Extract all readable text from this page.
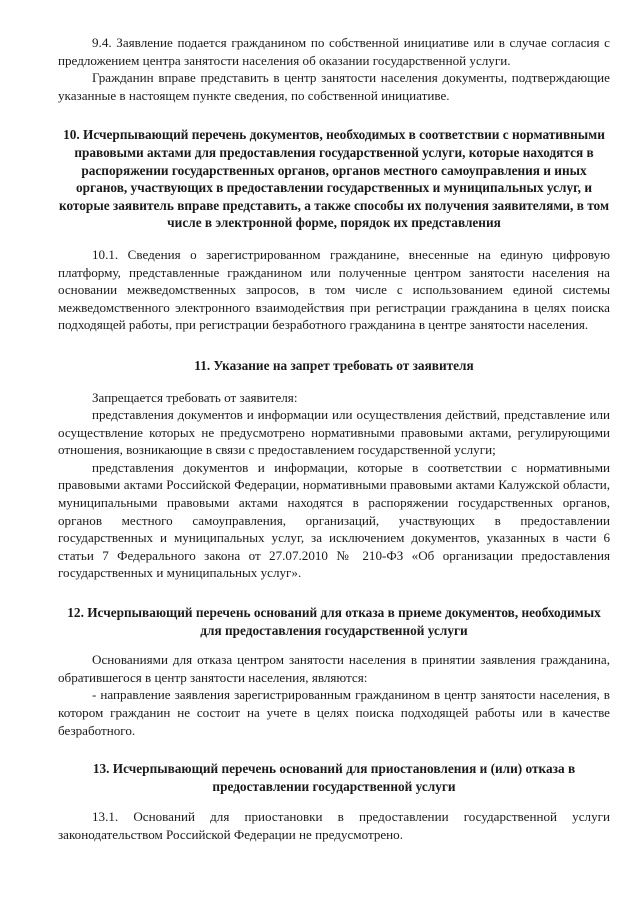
9.4. Заявление подается гражданином по собственной инициативе или в случае согласия с предложением центра занятости населения об оказании государственной услуги.

Гражданин вправе представить в центр занятости населения документы, подтверждающие указанные в настоящем пункте сведения, по собственной инициативе.

10. Исчерпывающий перечень документов, необходимых в соответствии с нормативными правовыми актами для предоставления государственной услуги, которые находятся в распоряжении государственных органов, органов местного самоуправления и иных органов, участвующих в предоставлении государственных и муниципальных услуг, и которые заявитель вправе представить, а также способы их получения заявителями, в том числе в электронной форме, порядок их представления

10.1. Сведения о зарегистрированном гражданине, внесенные на единую цифровую платформу, представленные гражданином или полученные центром занятости населения на основании межведомственных запросов, в том числе с использованием единой системы межведомственного электронного взаимодействия при регистрации гражданина в целях поиска подходящей работы, при регистрации безработного гражданина в центре занятости населения.

11. Указание на запрет требовать от заявителя

Запрещается требовать от заявителя:

представления документов и информации или осуществления действий, представление или осуществление которых не предусмотрено нормативными правовыми актами, регулирующими отношения, возникающие в связи с предоставлением государственной услуги;

представления документов и информации, которые в соответствии с нормативными правовыми актами Российской Федерации, нормативными правовыми актами Калужской области, муниципальными правовыми актами находятся в распоряжении государственных органов, органов местного самоуправления, организаций, участвующих в предоставлении государственных и муниципальных услуг, за исключением документов, указанных в части 6 статьи 7 Федерального закона от 27.07.2010 № 210-ФЗ «Об организации предоставления государственных и муниципальных услуг».

12. Исчерпывающий перечень оснований для отказа в приеме документов, необходимых для предоставления государственной услуги

Основаниями для отказа центром занятости населения в принятии заявления гражданина, обратившегося в центр занятости населения, являются:

- направление заявления зарегистрированным гражданином в центр занятости населения, в котором гражданин не состоит на учете в целях поиска подходящей работы или в качестве безработного.

13. Исчерпывающий перечень оснований для приостановления и (или) отказа в предоставлении государственной услуги

13.1. Оснований для приостановки в предоставлении государственной услуги законодательством Российской Федерации не предусмотрено.
